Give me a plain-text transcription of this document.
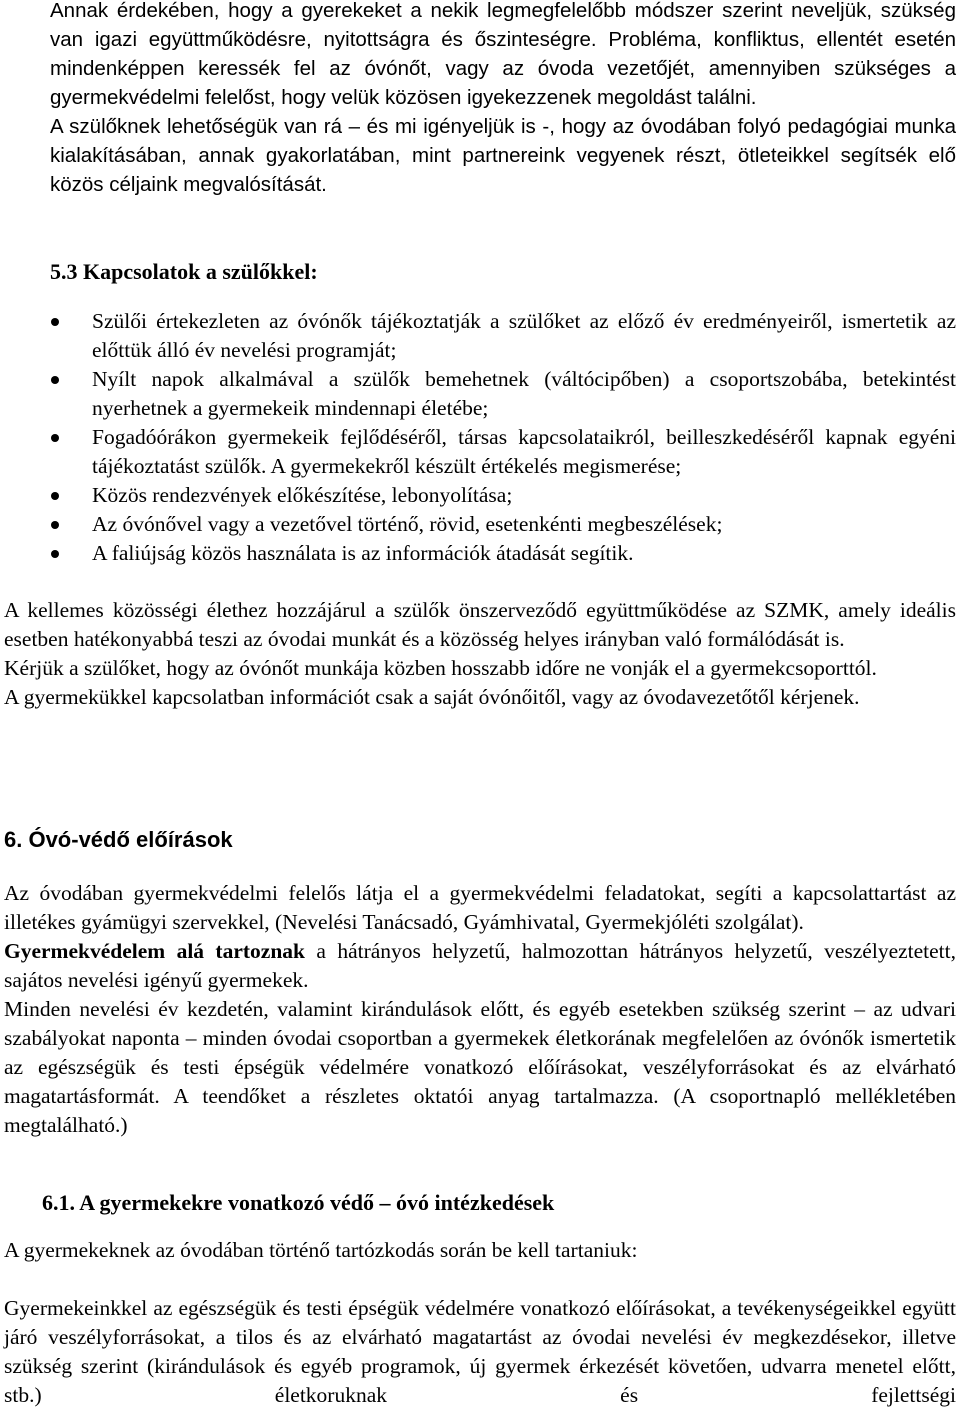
Annak érdekében, hogy a gyerekeket a nekik legmegfelelőbb módszer szerint neveljük, szükség van igazi együttműködésre, nyitottságra és őszinteségre. Probléma, konfliktus, ellentét esetén mindenképpen keressék fel az óvónőt, vagy az óvoda vezetőjét, amennyiben szükséges a gyermekvédelmi felelőst, hogy velük közösen igyekezzenek megoldást találni.

A szülőknek lehetőségük van rá – és mi igényeljük is -, hogy az óvodában folyó pedagógiai munka kialakításában, annak gyakorlatában, mint partnereink vegyenek részt, ötleteikkel segítsék elő közös céljaink megvalósítását.

5.3 Kapcsolatok a szülőkkel:
Szülői értekezleten az óvónők tájékoztatják a szülőket az előző év eredményeiről, ismertetik az előttük álló év nevelési programját;
Nyílt napok alkalmával a szülők bemehetnek (váltócipőben) a csoportszobába, betekintést nyerhetnek a gyermekeik mindennapi életébe;
Fogadóórákon gyermekeik fejlődéséről, társas kapcsolataikról, beilleszkedéséről kapnak egyéni tájékoztatást szülők. A gyermekekről készült értékelés megismerése;
Közös rendezvények előkészítése, lebonyolítása;
Az óvónővel vagy a vezetővel történő, rövid, esetenkénti megbeszélések;
A faliújság közös használata is az információk átadását segítik.

A kellemes közösségi élethez hozzájárul a szülők önszerveződő együttműködése az SZMK, amely ideális esetben hatékonyabbá teszi az óvodai munkát és a közösség helyes irányban való formálódását is.

Kérjük a szülőket, hogy az óvónőt munkája közben hosszabb időre ne vonják el a gyermekcsoporttól.

A gyermekükkel kapcsolatban információt csak a saját óvónőitől, vagy az óvodavezetőtől kérjenek.

6. Óvó-védő előírások

Az óvodában gyermekvédelmi felelős látja el a gyermekvédelmi feladatokat, segíti a kapcsolattartást az illetékes gyámügyi szervekkel, (Nevelési Tanácsadó, Gyámhivatal, Gyermekjóléti szolgálat).

Gyermekvédelem alá tartoznak a hátrányos helyzetű, halmozottan hátrányos helyzetű, veszélyeztetett, sajátos nevelési igényű gyermekek.

Minden nevelési év kezdetén, valamint kirándulások előtt, és egyéb esetekben szükség szerint – az udvari szabályokat naponta – minden óvodai csoportban a gyermekek életkorának megfelelően az óvónők ismertetik az egészségük és testi épségük védelmére vonatkozó előírásokat, veszélyforrásokat és az elvárható magatartásformát. A teendőket a részletes oktatói anyag tartalmazza. (A csoportnapló mellékletében megtalálható.)

6.1. A gyermekekre vonatkozó védő – óvó intézkedések

A gyermekeknek az óvodában történő tartózkodás során be kell tartaniuk:

Gyermekeinkkel az egészségük és testi épségük védelmére vonatkozó előírásokat, a tevékenységeikkel együtt járó veszélyforrásokat, a tilos és az elvárható magatartást az óvodai nevelési év megkezdésekor, illetve szükség szerint (kirándulások és egyéb programok, új gyermek érkezését követően, udvarra menetel előtt, stb.) életkoruknak és fejlettségi
